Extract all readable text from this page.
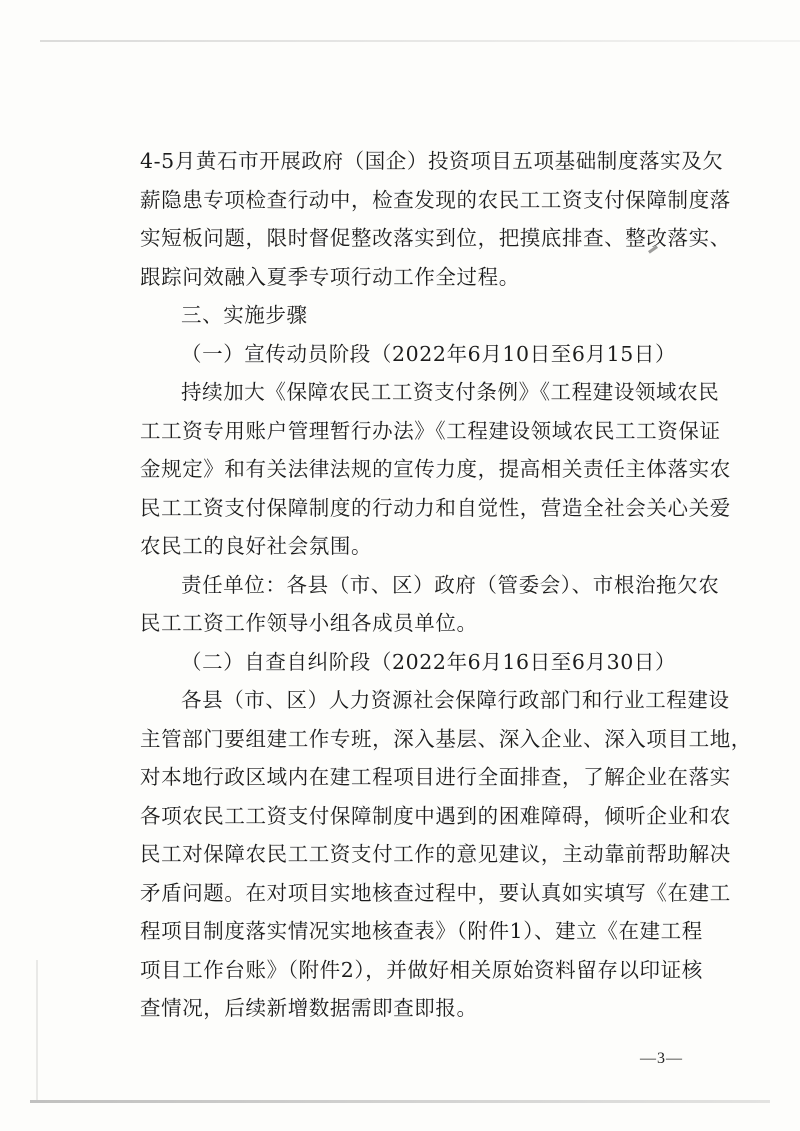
4-5月黄石市开展政府（国企）投资项目五项基础制度落实及欠

薪隐患专项检查行动中，检查发现的农民工工资支付保障制度落

实短板问题，限时督促整改落实到位，把摸底排查、整改落实、

跟踪问效融入夏季专项行动工作全过程。

三、实施步骤

（一）宣传动员阶段（2022年6月10日至6月15日）

持续加大《保障农民工工资支付条例》《工程建设领域农民

工工资专用账户管理暂行办法》《工程建设领域农民工工资保证

金规定》和有关法律法规的宣传力度，提高相关责任主体落实农

民工工资支付保障制度的行动力和自觉性，营造全社会关心关爱

农民工的良好社会氛围。

责任单位：各县（市、区）政府（管委会）、市根治拖欠农

民工工资工作领导小组各成员单位。

（二）自查自纠阶段（2022年6月16日至6月30日）

各县（市、区）人力资源社会保障行政部门和行业工程建设

主管部门要组建工作专班，深入基层、深入企业、深入项目工地，

对本地行政区域内在建工程项目进行全面排查，了解企业在落实

各项农民工工资支付保障制度中遇到的困难障碍，倾听企业和农

民工对保障农民工工资支付工作的意见建议，主动靠前帮助解决

矛盾问题。在对项目实地核查过程中，要认真如实填写《在建工

程项目制度落实情况实地核查表》（附件1）、建立《在建工程

项目工作台账》（附件2），并做好相关原始资料留存以印证核

查情况，后续新增数据需即查即报。

—3—
